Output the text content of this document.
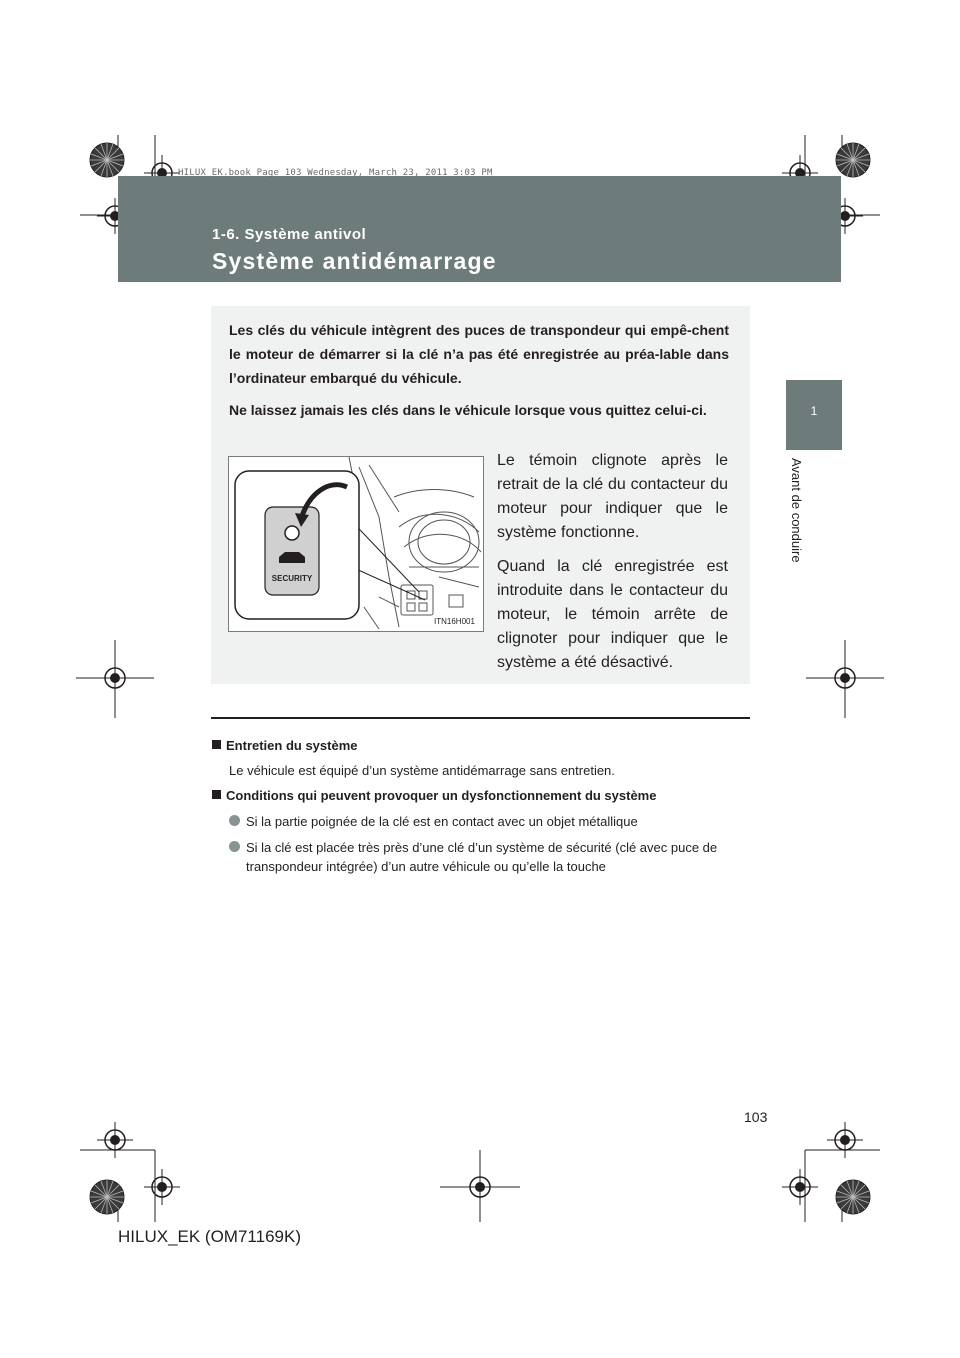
HILUX_EK.book Page 103 Wednesday, March 23, 2011 3:03 PM
1-6. Système antivol
Système antidémarrage
1
Avant de conduire

Les clés du véhicule intègrent des puces de transpondeur qui empê-chent le moteur de démarrer si la clé n’a pas été enregistrée au préa-lable dans l’ordinateur embarqué du véhicule.

Ne laissez jamais les clés dans le véhicule lorsque vous quittez celui-ci.

SECURITY
ITN16H001

Le témoin clignote après le retrait de la clé du contacteur du moteur pour indiquer que le système fonctionne.

Quand la clé enregistrée est introduite dans le contacteur du moteur, le témoin arrête de clignoter pour indiquer que le système a été désactivé.

Entretien du système
Le véhicule est équipé d’un système antidémarrage sans entretien.
Conditions qui peuvent provoquer un dysfonctionnement du système
Si la partie poignée de la clé est en contact avec un objet métallique
Si la clé est placée très près d’une clé d’un système de sécurité (clé avec puce de transpondeur intégrée) d’un autre véhicule ou qu’elle la touche
103
HILUX_EK (OM71169K)
